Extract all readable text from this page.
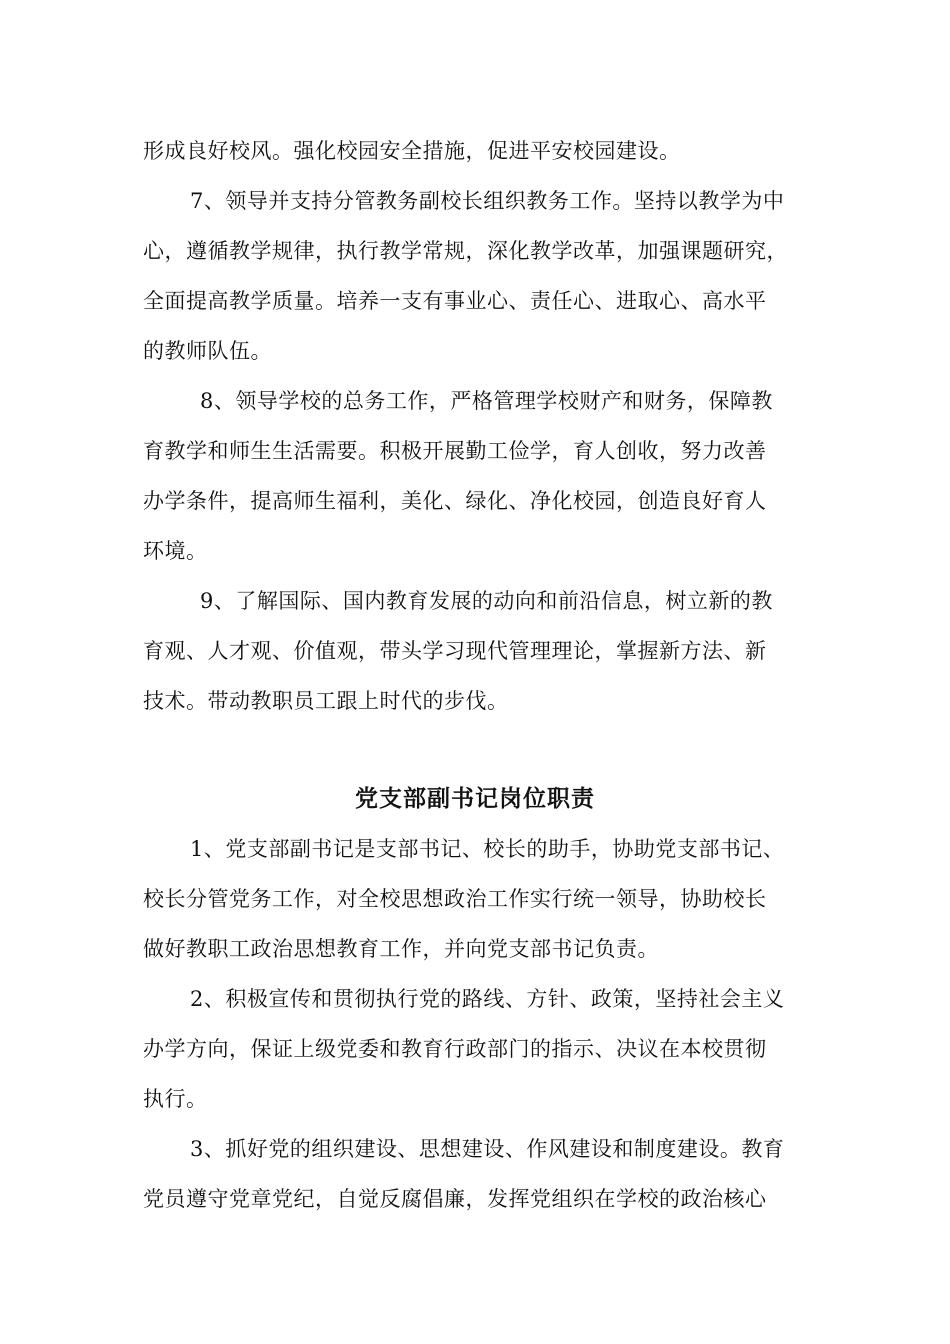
形成良好校风。强化校园安全措施，促进平安校园建设。
7、领导并支持分管教务副校长组织教务工作。坚持以教学为中
心，遵循教学规律，执行教学常规，深化教学改革，加强课题研究，
全面提高教学质量。培养一支有事业心、责任心、进取心、高水平
的教师队伍。
8、领导学校的总务工作，严格管理学校财产和财务，保障教
育教学和师生生活需要。积极开展勤工俭学，育人创收，努力改善
办学条件，提高师生福利，美化、绿化、净化校园，创造良好育人
环境。
9、了解国际、国内教育发展的动向和前沿信息，树立新的教
育观、人才观、价值观，带头学习现代管理理论，掌握新方法、新
技术。带动教职员工跟上时代的步伐。
党支部副书记岗位职责
1、党支部副书记是支部书记、校长的助手，协助党支部书记、
校长分管党务工作，对全校思想政治工作实行统一领导，协助校长
做好教职工政治思想教育工作，并向党支部书记负责。
2、积极宣传和贯彻执行党的路线、方针、政策，坚持社会主义
办学方向，保证上级党委和教育行政部门的指示、决议在本校贯彻
执行。
3、抓好党的组织建设、思想建设、作风建设和制度建设。教育
党员遵守党章党纪，自觉反腐倡廉，发挥党组织在学校的政治核心
